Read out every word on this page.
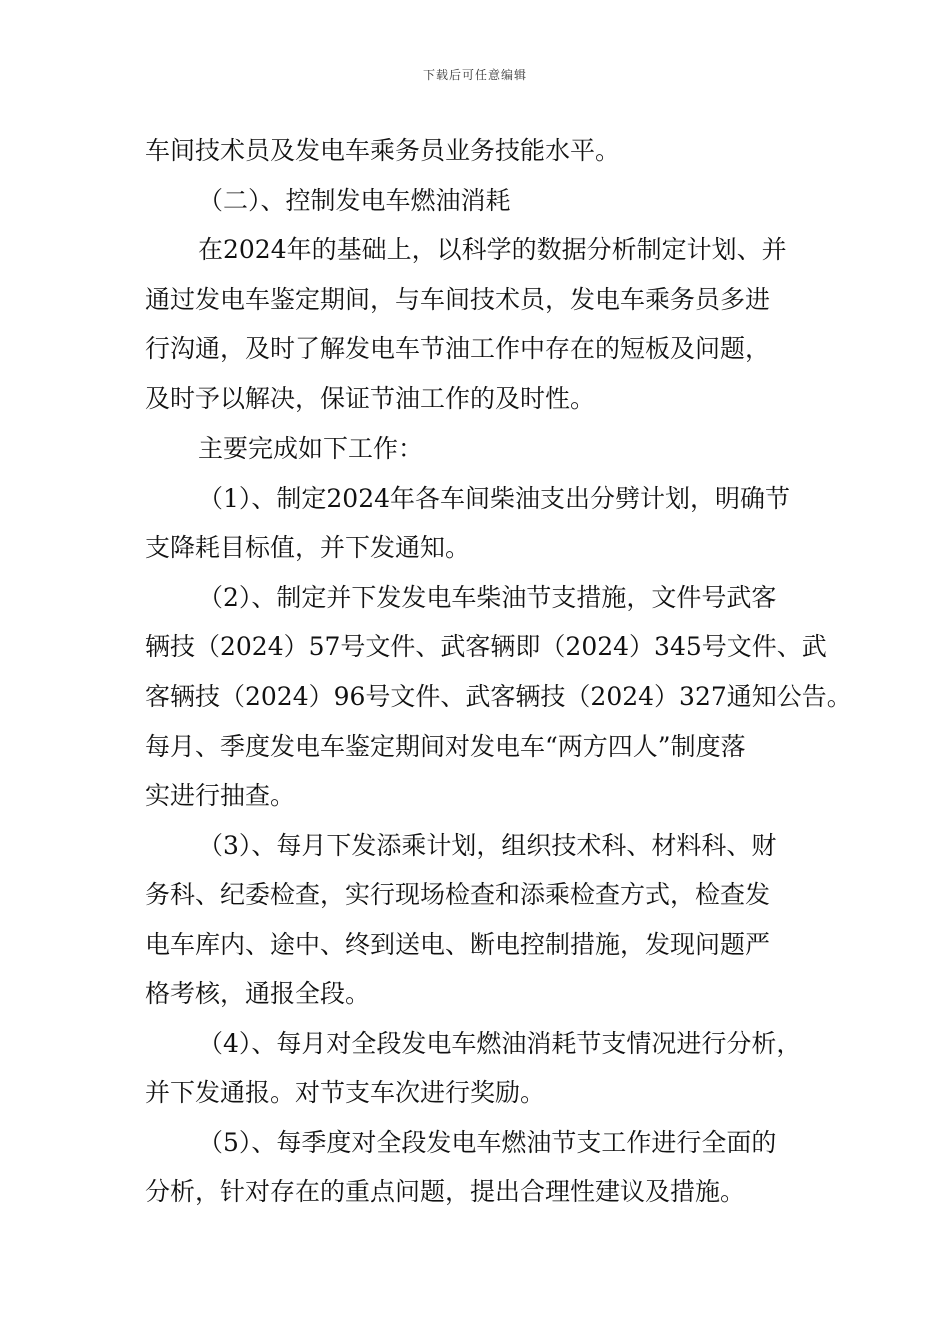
下载后可任意编辑
车间技术员及发电车乘务员业务技能水平。
（二）、控制发电车燃油消耗
在2024年的基础上，以科学的数据分析制定计划、并
通过发电车鉴定期间，与车间技术员，发电车乘务员多进
行沟通，及时了解发电车节油工作中存在的短板及问题，
及时予以解决，保证节油工作的及时性。
主要完成如下工作：
（1）、制定2024年各车间柴油支出分劈计划，明确节
支降耗目标值，并下发通知。
（2）、制定并下发发电车柴油节支措施，文件号武客
辆技（2024）57号文件、武客辆即（2024）345号文件、武
客辆技（2024）96号文件、武客辆技（2024）327通知公告。
每月、季度发电车鉴定期间对发电车“两方四人”制度落
实进行抽查。
（3）、每月下发添乘计划，组织技术科、材料科、财
务科、纪委检查，实行现场检查和添乘检查方式，检查发
电车库内、途中、终到送电、断电控制措施，发现问题严
格考核，通报全段。
（4）、每月对全段发电车燃油消耗节支情况进行分析，
并下发通报。对节支车次进行奖励。
（5）、每季度对全段发电车燃油节支工作进行全面的
分析，针对存在的重点问题，提出合理性建议及措施。
